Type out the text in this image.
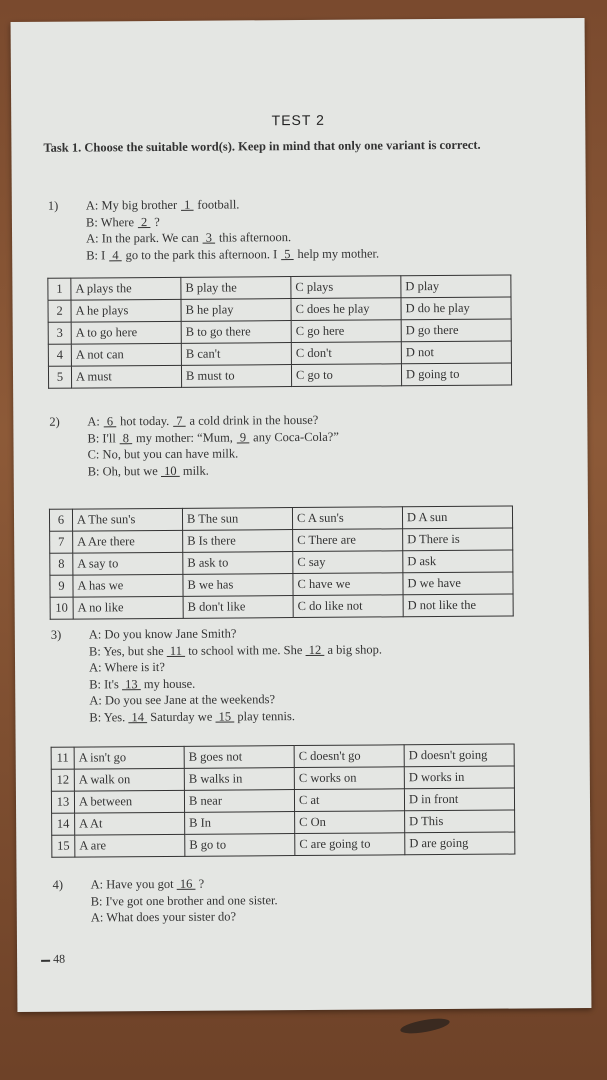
TEST 2
Task 1. Choose the suitable word(s). Keep in mind that only one variant is correct.
1) A: My big brother  1  football.
B: Where  2  ?
A: In the park. We can  3  this afternoon.
B: I  4  go to the park this afternoon. I  5  help my mother.
1	A plays the	B play the	C plays	D play
2	A he plays	B he play	C does he play	D do he play
3	A to go here	B to go there	C go here	D go there
4	A not can	B can't	C don't	D not
5	A must	B must to	C go to	D going to
2) A:  6  hot today.  7  a cold drink in the house?
B: I'll  8  my mother: “Mum,  9  any Coca-Cola?”
C: No, but you can have milk.
B: Oh, but we  10  milk.
6	A The sun's	B The sun	C A sun's	D A sun
7	A Are there	B Is there	C There are	D There is
8	A say to	B ask to	C say	D ask
9	A has we	B we has	C have we	D we have
10	A no like	B don't like	C do like not	D not like the
3) A: Do you know Jane Smith?
B: Yes, but she  11  to school with me. She  12  a big shop.
A: Where is it?
B: It's  13  my house.
A: Do you see Jane at the weekends?
B: Yes.  14  Saturday we  15  play tennis.
11	A isn't go	B goes not	C doesn't go	D doesn't going
12	A walk on	B walks in	C works on	D works in
13	A between	B near	C at	D in front
14	A At	B In	C On	D This
15	A are	B go to	C are going to	D are going
4) A: Have you got  16  ?
B: I've got one brother and one sister.
A: What does your sister do?
48
